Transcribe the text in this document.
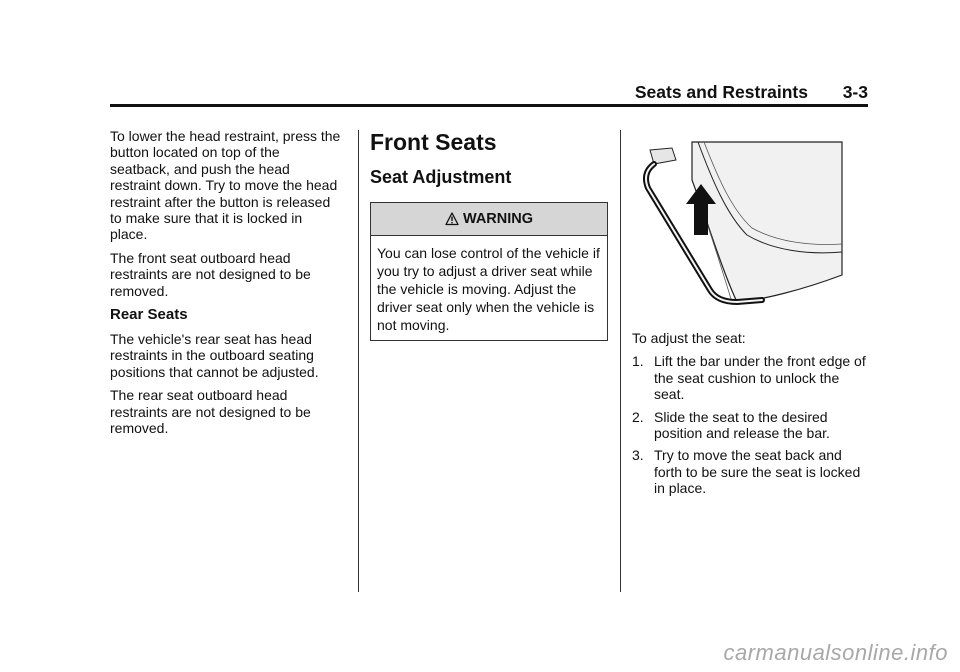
Seats and Restraints 3-3

To lower the head restraint, press the button located on top of the seatback, and push the head restraint down. Try to move the head restraint after the button is released to make sure that it is locked in place.

The front seat outboard head restraints are not designed to be removed.

Rear Seats

The vehicle's rear seat has head restraints in the outboard seating positions that cannot be adjusted.

The rear seat outboard head restraints are not designed to be removed.

Front Seats
Seat Adjustment
WARNING

You can lose control of the vehicle if you try to adjust a driver seat while the vehicle is moving. Adjust the driver seat only when the vehicle is not moving.

To adjust the seat:

1. Lift the bar under the front edge of the seat cushion to unlock the seat.
2. Slide the seat to the desired position and release the bar.
3. Try to move the seat back and forth to be sure the seat is locked in place.
carmanualsonline.info
